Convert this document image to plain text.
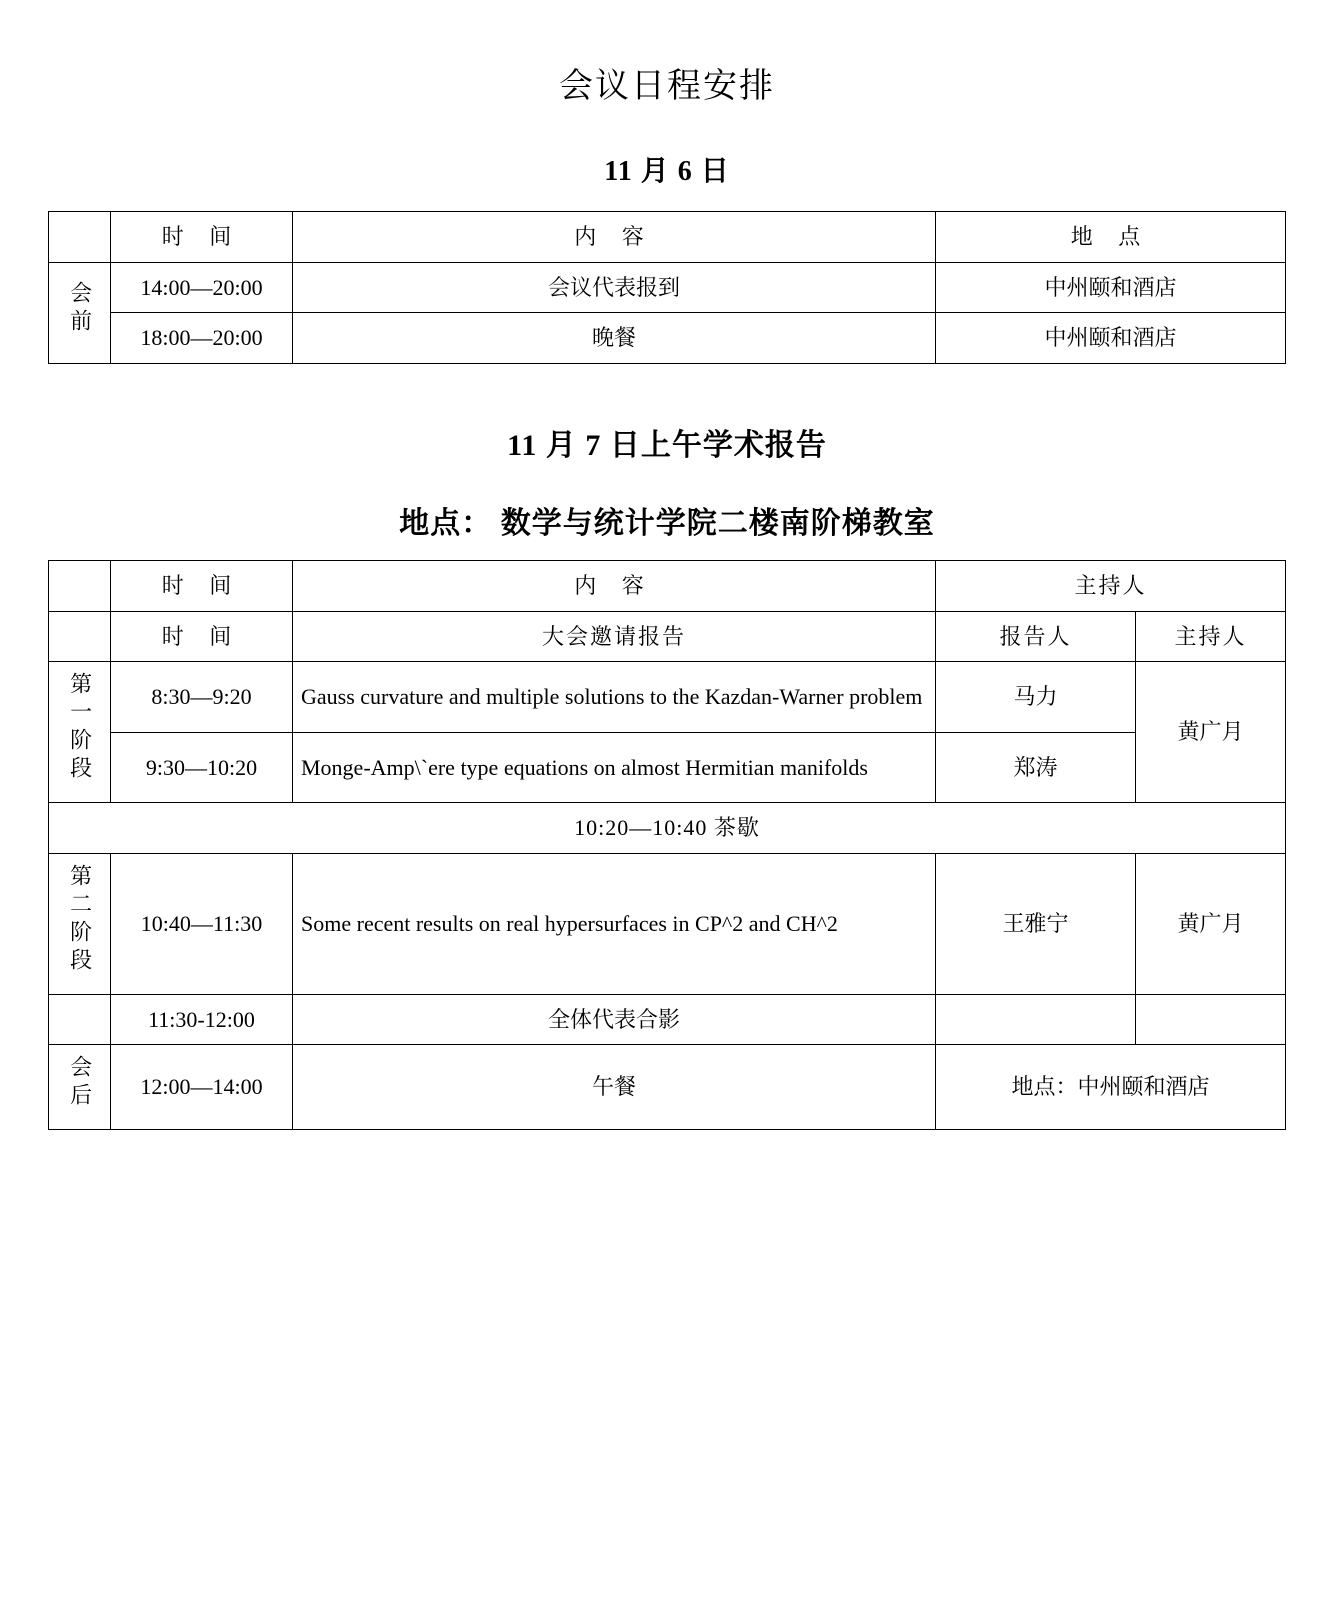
会议日程安排
11 月 6 日
	时 间	内 容	地 点
会前	14:00—20:00	会议代表报到	中州颐和酒店
	18:00—20:00	晚餐	中州颐和酒店
11 月 7 日上午学术报告
地点： 数学与统计学院二楼南阶梯教室
	时 间	内 容	主持人	
	时 间	大会邀请报告	报告人	主持人
第一阶段	8:30—9:20	Gauss curvature and multiple solutions to the Kazdan-Warner problem	马力	黄广月
	9:30—10:20	Monge-Amp\`ere type equations on almost Hermitian manifolds	郑涛	
10:20—10:40 茶歇				
第二阶段	10:40—11:30	Some recent results on real hypersurfaces in CP^2 and CH^2	王雅宁	黄广月
	11:30-12:00	全体代表合影		
会后	12:00—14:00	午餐	地点：中州颐和酒店	
